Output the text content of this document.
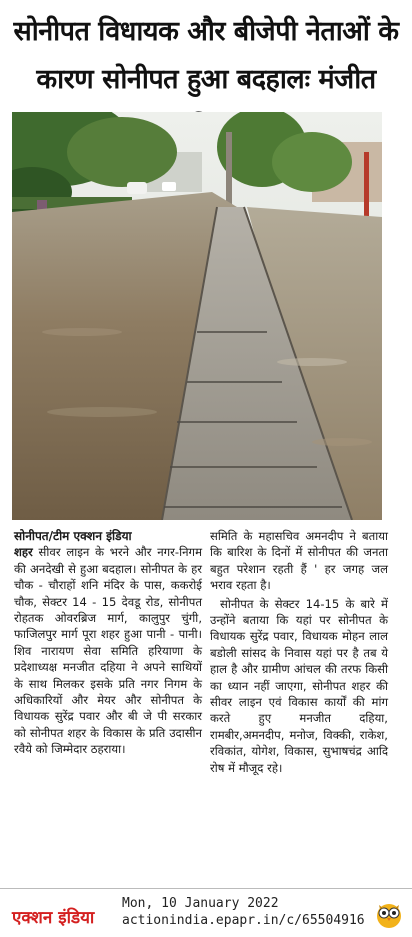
सोनीपत विधायक और बीजेपी नेताओं के
कारण सोनीपत हुआ बदहालः मंजीत
सोनीपत/टीम एक्शन इंडिया

शहर सीवर लाइन के भरने और नगर-निगम की अनदेखी से हुआ बदहाल। सोनीपत के हर चौक - चौराहों शनि मंदिर के पास, ककरोई चौक, सेक्टर 14 - 15 देवडू रोड, सोनीपत रोहतक ओवरब्रिज मार्ग, कालुपुर चुंगी, फाजिलपुर मार्ग पूरा शहर हुआ पानी - पानी। शिव नारायण सेवा समिति हरियाणा के प्रदेशाध्यक्ष मनजीत दहिया ने अपने साथियों के साथ मिलकर इसके प्रति नगर निगम के अधिकारियों और मेयर और सोनीपत के विधायक सुरेंद्र पवार और बी जे पी सरकार को सोनीपत शहर के विकास के प्रति उदासीन रवैये को जिम्मेदार ठहराया।

समिति के महासचिव अमनदीप ने बताया कि बारिश के दिनों में सोनीपत की जनता बहुत परेशान रहती हैं ' हर जगह जल भराव रहता है।

सोनीपत के सेक्टर 14-15 के बारे में उन्होंने बताया कि यहां पर सोनीपत के विधायक सुरेंद्र पवार, विधायक मोहन लाल बडोली सांसद के निवास यहां पर है तब ये हाल है और ग्रामीण आंचल की तरफ किसी का ध्यान नहीं जाएगा, सोनीपत शहर की सीवर लाइन एवं विकास कार्यों की मांग करते हुए मनजीत दहिया, रामबीर,अमनदीप, मनोज, विक्की, राकेश, रविकांत, योगेश, विकास, सुभाषचंद्र आदि रोष में मौजूद रहे।

एक्शन इंडिया
Mon, 10 January 2022
actionindia.epapr.in/c/65504916
